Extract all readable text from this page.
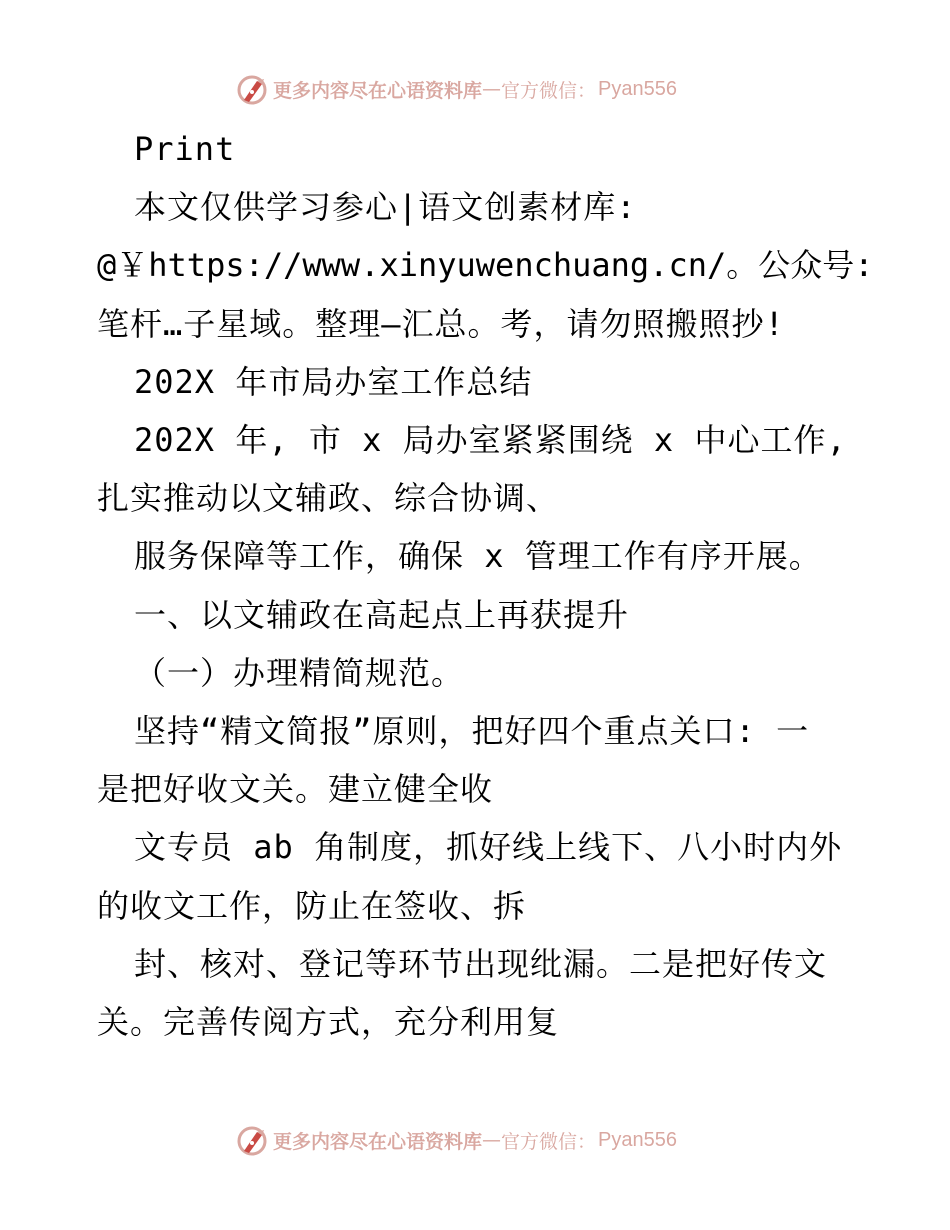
更多内容尽在心语资料库 — 官方微信： Pyan556
Print
本文仅供学习参心|语文创素材库:
@￥https://www.xinyuwenchuang.cn/。公众号:
笔杆…子星域。整理—汇总。考，请勿照搬照抄!
202X 年市局办室工作总结
202X 年, 市 x 局办室紧紧围绕 x 中心工作,
扎实推动以文辅政、综合协调、
服务保障等工作，确保 x 管理工作有序开展。
一、以文辅政在高起点上再获提升
（一）办理精简规范。
坚持“精文简报”原则，把好四个重点关口: 一
是把好收文关。建立健全收
文专员 ab 角制度，抓好线上线下、八小时内外
的收文工作，防止在签收、拆
封、核对、登记等环节出现纰漏。二是把好传文
关。完善传阅方式，充分利用复
更多内容尽在心语资料库 — 官方微信： Pyan556
